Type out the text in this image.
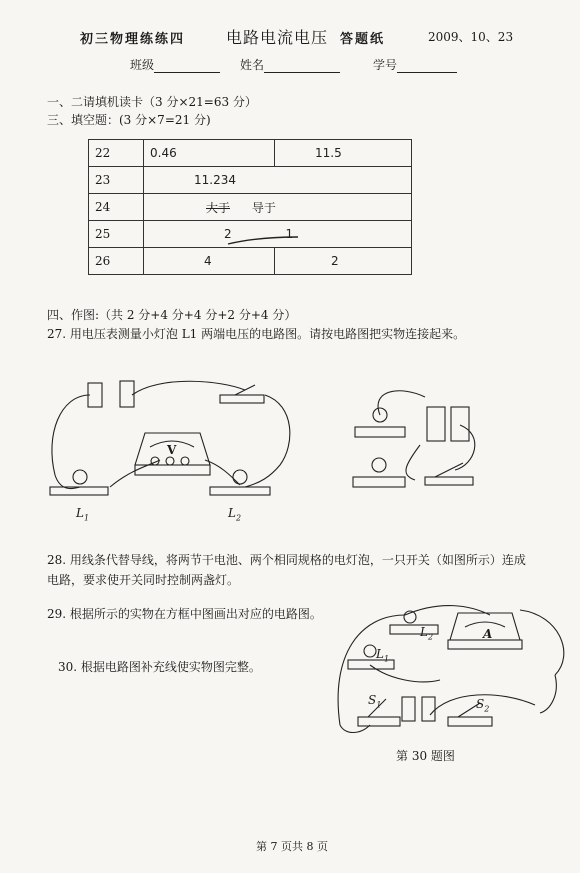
初三物理练练四	电路电流电压 答题纸	2009、10、23
班级	姓名	学号
一、二请填机读卡（3 分×21=63 分）
三、填空题：(3 分×7=21 分)
22	0.46	11.5
23	11.234	
24	大于 导于	
25	2 1	
26	4	2
四、作图:（共 2 分+4 分+4 分+2 分+4 分）
27. 用电压表测量小灯泡 L1 两端电压的电路图。请按电路图把实物连接起来。
V
$L_1$	$L_2$
28. 用线条代替导线，将两节干电池、两个相同规格的电灯泡，一只开关（如图所示）连成
电路，要求使开关同时控制两盏灯。
29. 根据所示的实物在方框中图画出对应的电路图。
30. 根据电路图补充线使实物图完整。
$L_2$	A
$L_1$
$S_1$	$S_2$
第 30 题图
第 7 页共 8 页
